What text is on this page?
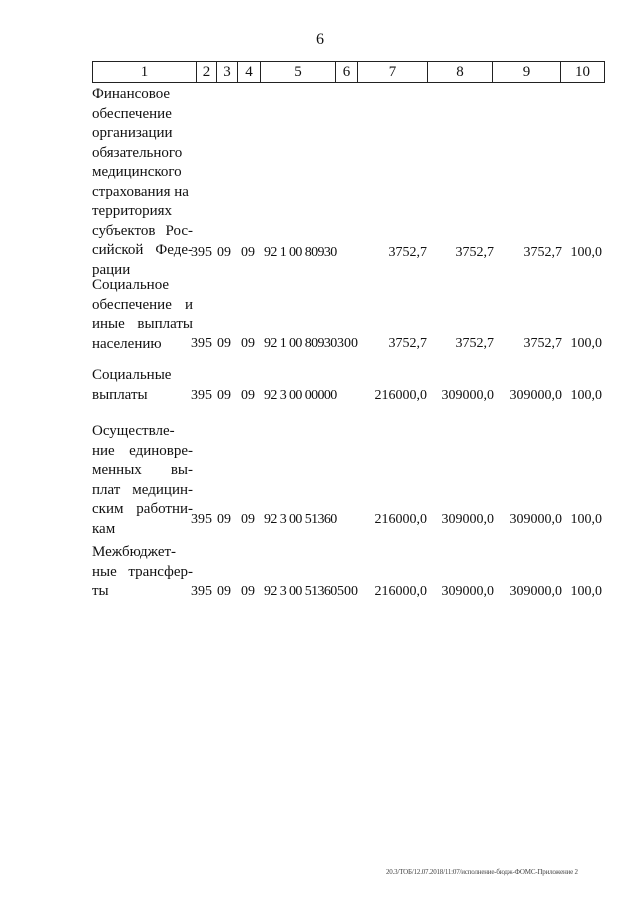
6
1	2 3 4	5	6	7	8	9	10
Финансовое
обеспечение
организации
обязательного
медицинского
страхования на
территориях
субъектов Рос-
сийской Феде-
рации
395 09 09 92 1 00 80930	3752,7 3752,7 3752,7 100,0
Социальное
обеспечение и
иные выплаты
населению	395 09 09 92 1 00 80930 300 3752,7 3752,7 3752,7 100,0
Социальные
выплаты	395 09 09 92 3 00 00000	216000,0 309000,0 309000,0 100,0
Осуществле-
ние единовре-
менных вы-
плат медицин-
ским работни-
кам
395 09 09 92 3 00 51360	216000,0 309000,0 309000,0 100,0
Межбюджет-
ные трансфер-
ты	395 09 09 92 3 00 51360 500 216000,0 309000,0 309000,0 100,0
20.3/ТОБ/12.07.2018/11:07/исполнение-бюдж-ФОМС-Приложение 2
